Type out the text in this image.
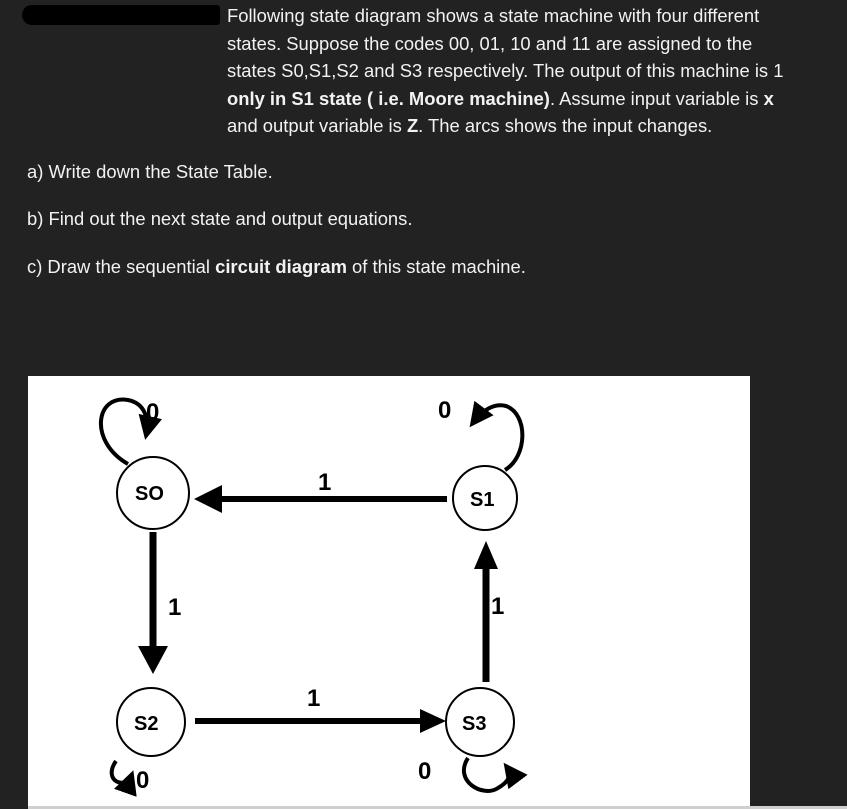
Following state diagram shows a state machine with four different states. Suppose the codes 00, 01, 10 and 11 are assigned to the states S0,S1,S2 and S3 respectively. The output of this machine is 1 only in S1 state ( i.e. Moore machine). Assume input variable is x and output variable is Z. The arcs shows the input changes.
a) Write down the State Table.
b) Find out the next state and output equations.
c) Draw the sequential circuit diagram of this state machine.
SO	S1
S2	S3
1
1
1
1
0	0
0	0
